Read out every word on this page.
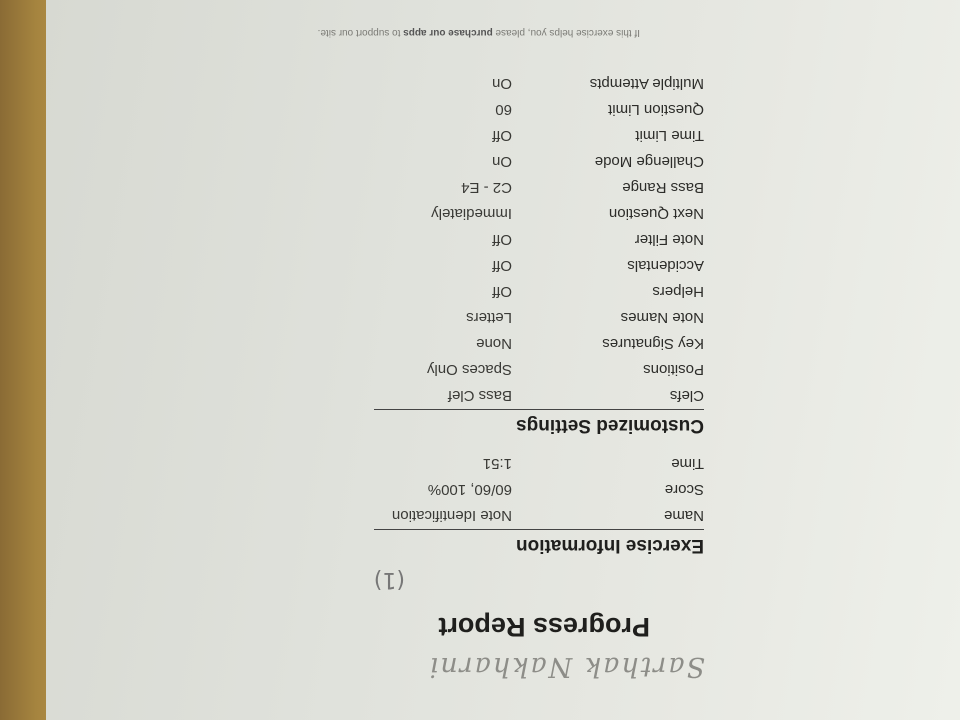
Sarthak Nakharni
Progress Report
(1)
Exercise Information
Name
Note Identification
Score
60/60, 100%
Time
1:51
Customized Settings
Clefs
Bass Clef
Positions
Spaces Only
Key Signatures
None
Note Names
Letters
Helpers
Off
Accidentals
Off
Note Filter
Off
Next Question
Immediately
Bass Range
C2 - E4
Challenge Mode
On
Time Limit
Off
Question Limit
60
Multiple Attempts
On
If this exercise helps you, please purchase our apps to support our site.
